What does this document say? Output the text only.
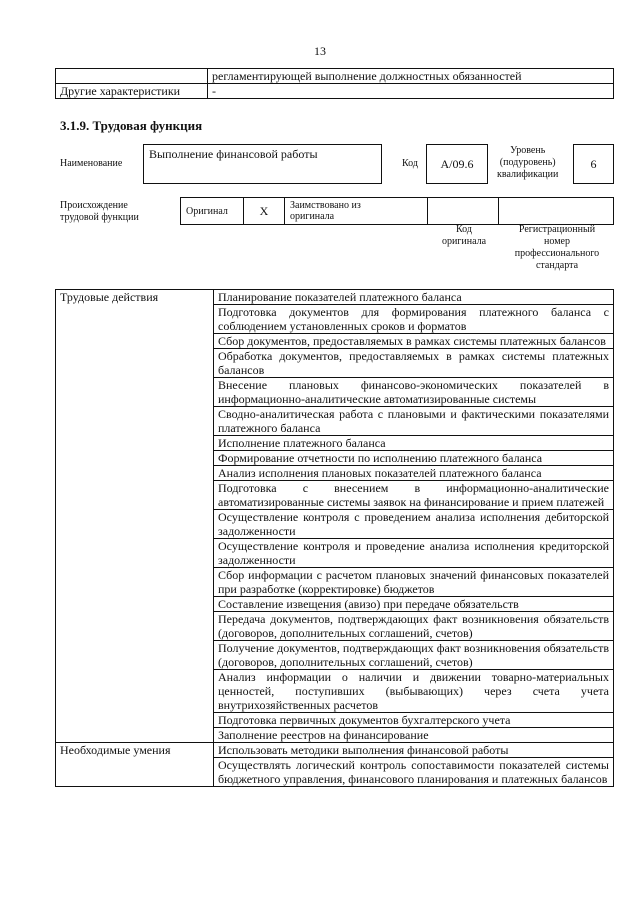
13
	регламентирующей выполнение должностных обязанностей
Другие характеристики	-
3.1.9. Трудовая функция
Наименование
Выполнение финансовой работы
Код	А/09.6
Уровень
(подуровень)
квалификации
6
Происхождение
трудовой функции
Оригинал	X	Заимствовано из
оригинала
Код
оригинала
Регистрационный
номер
профессионального
стандарта
Трудовые действия	Планирование показателей платежного баланса
	Подготовка документов для формирования платежного баланса с соблюдением установленных сроков и форматов
	Сбор документов, предоставляемых в рамках системы платежных балансов
	Обработка документов, предоставляемых в рамках системы платежных балансов
	Внесение плановых финансово-экономических показателей в информационно-аналитические автоматизированные системы
	Сводно-аналитическая работа с плановыми и фактическими показателями платежного баланса
	Исполнение платежного баланса
	Формирование отчетности по исполнению платежного баланса
	Анализ исполнения плановых показателей платежного баланса
	Подготовка с внесением в информационно-аналитические автоматизированные системы заявок на финансирование и прием платежей
	Осуществление контроля с проведением анализа исполнения дебиторской задолженности
	Осуществление контроля и проведение анализа исполнения кредиторской задолженности
	Сбор информации с расчетом плановых значений финансовых показателей при разработке (корректировке) бюджетов
	Составление извещения (авизо) при передаче обязательств
	Передача документов, подтверждающих факт возникновения обязательств (договоров, дополнительных соглашений, счетов)
	Получение документов, подтверждающих факт возникновения обязательств (договоров, дополнительных соглашений, счетов)
	Анализ информации о наличии и движении товарно-материальных ценностей, поступивших (выбывающих) через счета учета внутрихозяйственных расчетов
	Подготовка первичных документов бухгалтерского учета
	Заполнение реестров на финансирование
Необходимые умения	Использовать методики выполнения финансовой работы
	Осуществлять логический контроль сопоставимости показателей системы бюджетного управления, финансового планирования и платежных балансов
